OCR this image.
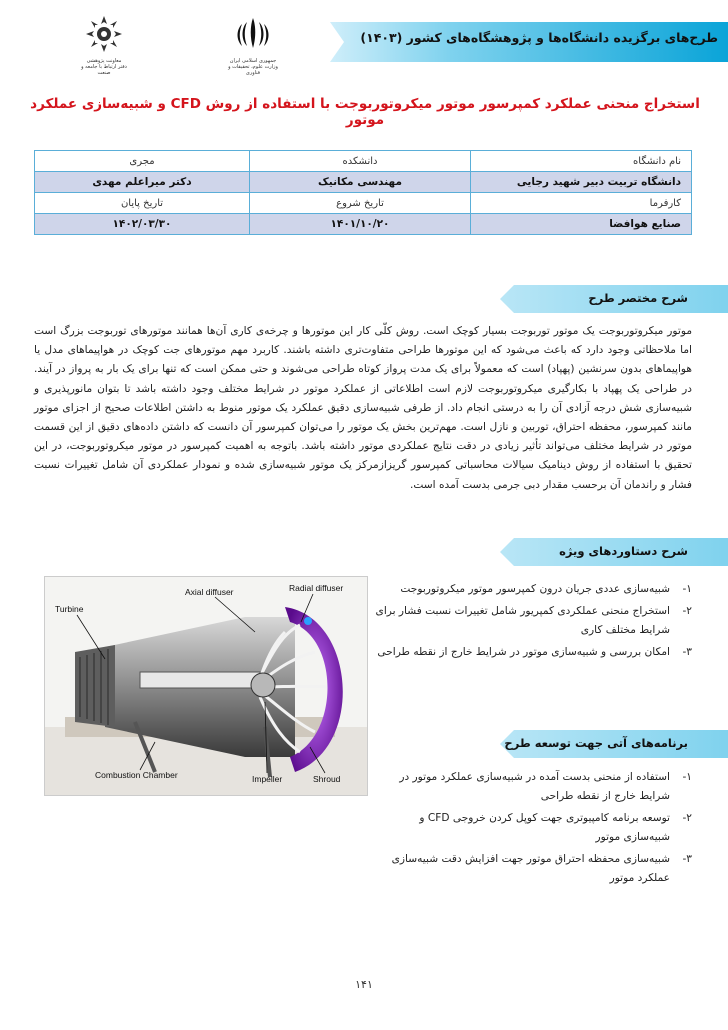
طرح‌های برگزیده دانشگاه‌ها و پژوهشگاه‌های کشور (۱۴۰۳)
معاونت پژوهشی
دفتر ارتباط با جامعه و صنعت
جمهوری اسلامی ایران
وزارت علوم، تحقیقات و فناوری
استخراج منحنی عملکرد کمپرسور موتور میکروتوربوجت با استفاده از روش CFD و شبیه‌سازی عملکرد موتور
نام دانشگاه	دانشکده	مجری
دانشگاه تربیت دبیر شهید رجایی	مهندسی مکانیک	دکتر میراعلم مهدی
کارفرما	تاریخ شروع	تاریخ پایان
صنایع هوافضا	۱۴۰۱/۱۰/۲۰	۱۴۰۲/۰۳/۳۰
شرح مختصر طرح
موتور میکروتوربوجت یک موتور توربوجت بسیار کوچک است. روش کلّی کار این موتورها و چرخه‌ی کاری آن‌ها همانند موتورهای توربوجت بزرگ است اما ملاحظاتی وجود دارد که باعث می‌شود که این موتورها طراحی متفاوت‌تری داشته باشند. کاربرد مهم موتورهای جت کوچک در هواپیماهای مدل یا هواپیماهای بدون سرنشین (پهپاد) است که معمولاً برای یک مدت پرواز کوتاه طراحی می‌شوند و حتی ممکن است که تنها برای یک بار به پرواز در آیند. در طراحی یک پهپاد با بکارگیری میکروتوربوجت لازم است اطلاعاتی از عملکرد موتور در شرایط مختلف وجود داشته باشد تا بتوان مانورپذیری و شبیه‌سازی شش درجه آزادی آن را به درستی انجام داد. از طرفی شبیه‌سازی دقیق عملکرد یک موتور منوط به داشتن اطلاعات صحیح از اجزای موتور مانند کمپرسور، محفظه احتراق، توربین و نازل است. مهم‌ترین بخش یک موتور را می‌توان کمپرسور آن دانست که داشتن داده‌های دقیق از این قسمت موتور در شرایط مختلف می‌تواند تأثیر زیادی در دقت نتایج عملکردی موتور داشته باشد. باتوجه به اهمیت کمپرسور در موتور میکروتوربوجت، در این تحقیق با استفاده از روش دینامیک سیالات محاسباتی کمپرسور گریزازمرکز یک موتور شبیه‌سازی شده و نمودار عملکردی آن شامل تغییرات نسبت فشار و راندمان آن برحسب مقدار دبی جرمی بدست آمده است.
شرح دستاوردهای ویژه
۱-
شبیه‌سازی عددی جریان درون کمپرسور موتور میکروتوربوجت
۲-
استخراج منحنی عملکردی کمپریور شامل تغییرات نسبت فشار برای شرایط مختلف کاری
۳-
امکان بررسی و شبیه‌سازی موتور در شرایط خارج از نقطه طراحی
برنامه‌های آتی جهت توسعه طرح
۱-
استفاده از منحنی بدست آمده در شبیه‌سازی عملکرد موتور در شرایط خارج از نقطه طراحی
۲-
توسعه برنامه کامپیوتری جهت کوپل کردن خروجی CFD و شبیه‌سازی موتور
۳-
شبیه‌سازی محفظه احتراق موتور جهت افزایش دقت شبیه‌سازی عملکرد موتور
Turbine
Axial diffuser	Radial diffuser
Combustion Chamber	Impeller	Shroud
۱۴۱
